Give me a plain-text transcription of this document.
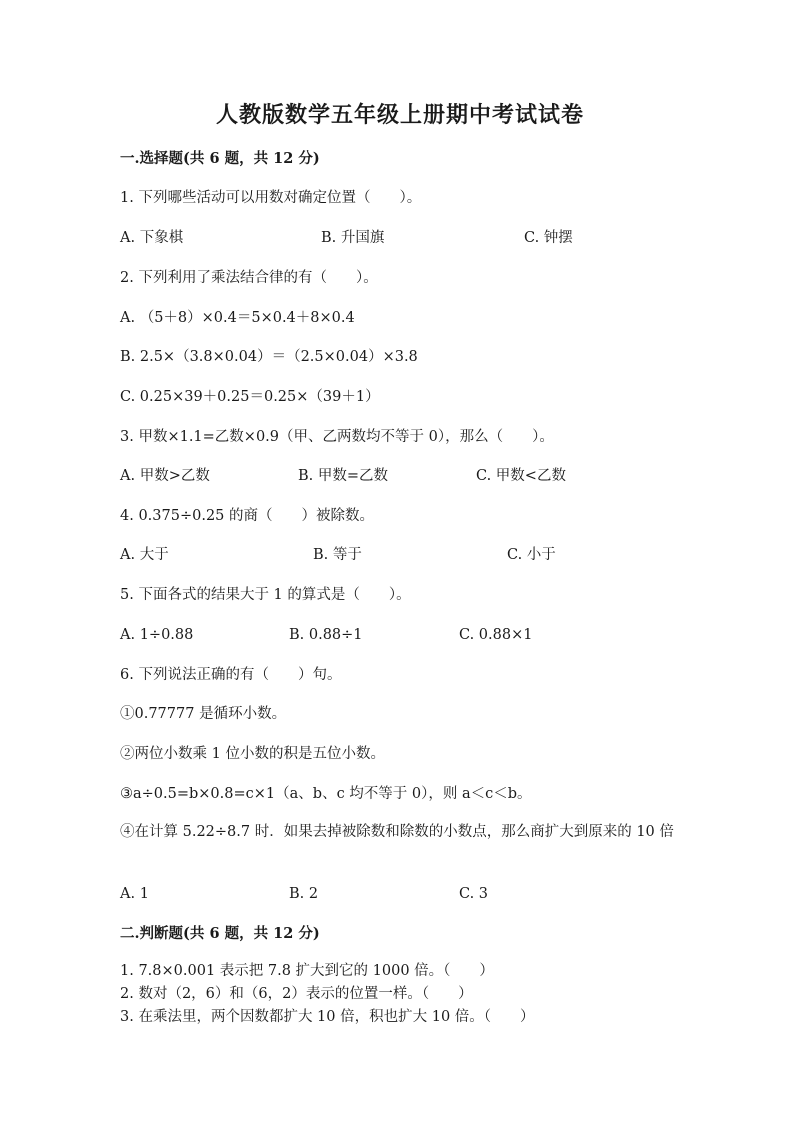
人教版数学五年级上册期中考试试卷
一.选择题(共 6 题，共 12 分)
1. 下列哪些活动可以用数对确定位置（　　）。
A. 下象棋	B. 升国旗	C. 钟摆
2. 下列利用了乘法结合律的有（　　）。
A. （5＋8）×0.4＝5×0.4＋8×0.4
B. 2.5×（3.8×0.04）＝（2.5×0.04）×3.8
C. 0.25×39＋0.25＝0.25×（39＋1）
3. 甲数×1.1=乙数×0.9（甲、乙两数均不等于 0），那么（　　）。
A. 甲数>乙数	B. 甲数=乙数	C. 甲数<乙数
4. 0.375÷0.25 的商（　　）被除数。
A. 大于	B. 等于	C. 小于
5. 下面各式的结果大于 1 的算式是（　　）。
A. 1÷0.88	B. 0.88÷1	C. 0.88×1
6. 下列说法正确的有（　　）句。
①0.77777 是循环小数。
②两位小数乘 1 位小数的积是五位小数。
③a÷0.5=b×0.8=c×1（a、b、c 均不等于 0），则 a＜c＜b。
④在计算 5.22÷8.7 时．如果去掉被除数和除数的小数点，那么商扩大到原来的 10 倍
A. 1	B. 2	C. 3
二.判断题(共 6 题，共 12 分)
1. 7.8×0.001 表示把 7.8 扩大到它的 1000 倍。（　　）
2. 数对（2，6）和（6，2）表示的位置一样。（　　）
3. 在乘法里，两个因数都扩大 10 倍，积也扩大 10 倍。（　　）
